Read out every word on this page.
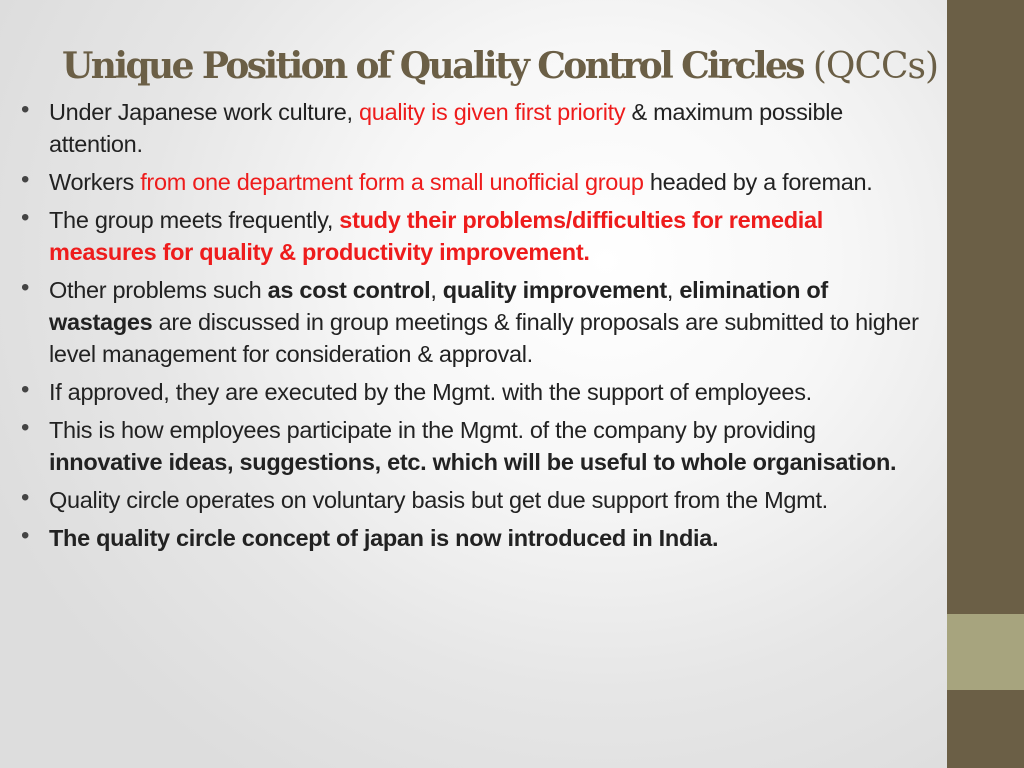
Unique Position of Quality Control Circles (QCCs)
• Under Japanese work culture, quality is given first priority & maximum possible attention.
• Workers from one department form a small unofficial group headed by a foreman.
• The group meets frequently, study their problems/difficulties for remedial measures for quality & productivity improvement.
• Other problems such as cost control, quality improvement, elimination of wastages are discussed in group meetings & finally proposals are submitted to higher level management for consideration & approval.
• If approved, they are executed by the Mgmt. with the support of employees.
• This is how employees participate in the Mgmt. of the company by providing innovative ideas, suggestions, etc. which will be useful to whole organisation.
• Quality circle operates on voluntary basis but get due support from the Mgmt.
• The quality circle concept of japan is now introduced in India.
